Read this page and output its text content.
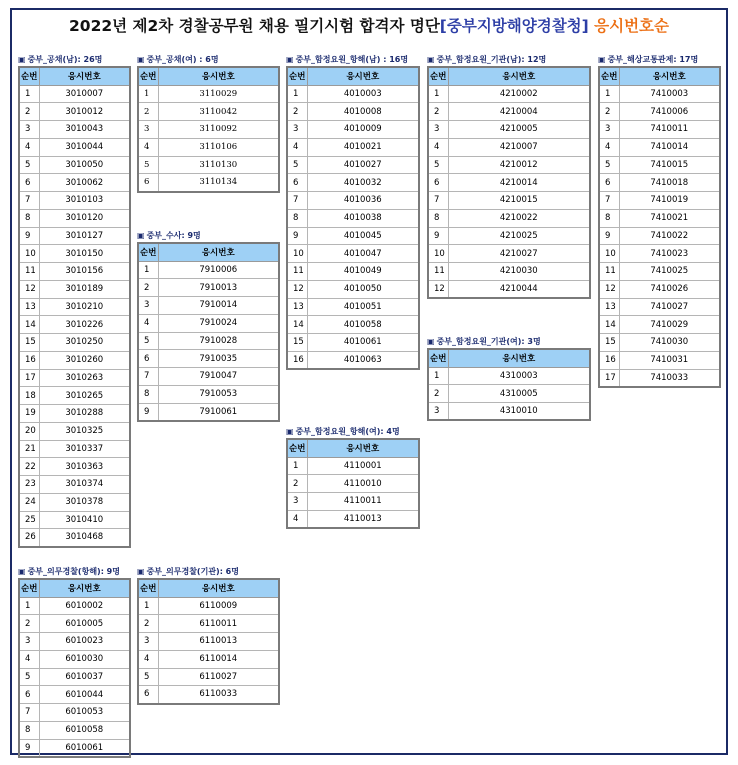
2022년 제2차 경찰공무원 채용 필기시험 합격자 명단[중부지방해양경찰청] 응시번호순
▣ 중부_공채(남): 26명
순번	응시번호
1	3010007
2	3010012
3	3010043
4	3010044
5	3010050
6	3010062
7	3010103
8	3010120
9	3010127
10	3010150
11	3010156
12	3010189
13	3010210
14	3010226
15	3010250
16	3010260
17	3010263
18	3010265
19	3010288
20	3010325
21	3010337
22	3010363
23	3010374
24	3010378
25	3010410
26	3010468
▣ 중부_의무경찰(항해): 9명
순번	응시번호
1	6010002
2	6010005
3	6010023
4	6010030
5	6010037
6	6010044
7	6010053
8	6010058
9	6010061
▣ 중부_공채(여) : 6명
순번	응시번호
1	3110029
2	3110042
3	3110092
4	3110106
5	3110130
6	3110134
▣ 중부_수사: 9명
순번	응시번호
1	7910006
2	7910013
3	7910014
4	7910024
5	7910028
6	7910035
7	7910047
8	7910053
9	7910061
▣ 중부_의무경찰(기관): 6명
순번	응시번호
1	6110009
2	6110011
3	6110013
4	6110014
5	6110027
6	6110033
▣ 중부_함정요원_항해(남) : 16명
순번	응시번호
1	4010003
2	4010008
3	4010009
4	4010021
5	4010027
6	4010032
7	4010036
8	4010038
9	4010045
10	4010047
11	4010049
12	4010050
13	4010051
14	4010058
15	4010061
16	4010063
▣ 중부_함정요원_항해(여): 4명
순번	응시번호
1	4110001
2	4110010
3	4110011
4	4110013
▣ 중부_함정요원_기관(남): 12명
순번	응시번호
1	4210002
2	4210004
3	4210005
4	4210007
5	4210012
6	4210014
7	4210015
8	4210022
9	4210025
10	4210027
11	4210030
12	4210044
▣ 중부_함정요원_기관(여): 3명
순번	응시번호
1	4310003
2	4310005
3	4310010
▣ 중부_해상교통관제: 17명
순번	응시번호
1	7410003
2	7410006
3	7410011
4	7410014
5	7410015
6	7410018
7	7410019
8	7410021
9	7410022
10	7410023
11	7410025
12	7410026
13	7410027
14	7410029
15	7410030
16	7410031
17	7410033
